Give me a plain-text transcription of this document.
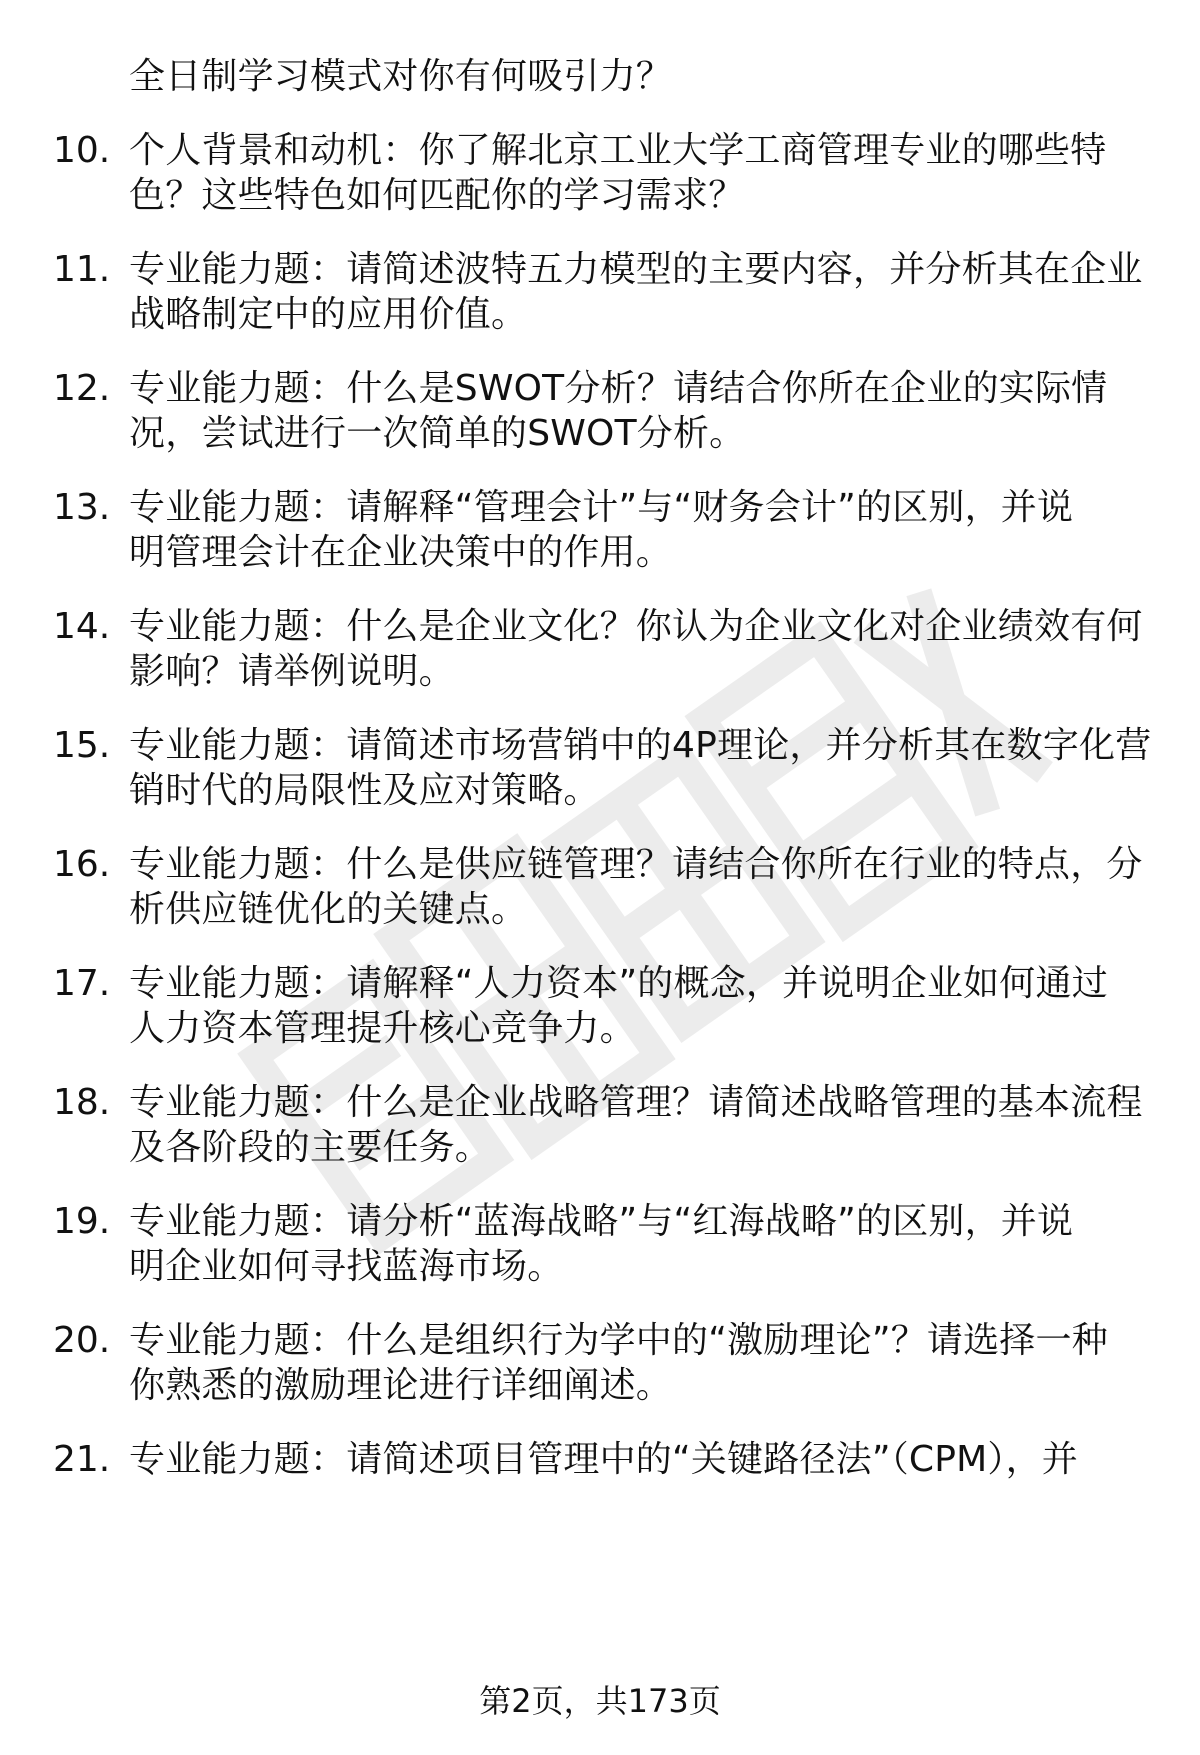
全日制学习模式对你有何吸引力？
10. 个人背景和动机：你了解北京工业大学工商管理专业的哪些特
色？这些特色如何匹配你的学习需求？
11. 专业能力题：请简述波特五力模型的主要内容，并分析其在企业
战略制定中的应用价值。
12. 专业能力题：什么是SWOT分析？请结合你所在企业的实际情
况，尝试进行一次简单的SWOT分析。
13. 专业能力题：请解释“管理会计”与“财务会计”的区别，并说
明管理会计在企业决策中的作用。
14. 专业能力题：什么是企业文化？你认为企业文化对企业绩效有何
影响？请举例说明。
15. 专业能力题：请简述市场营销中的4P理论，并分析其在数字化营
销时代的局限性及应对策略。
16. 专业能力题：什么是供应链管理？请结合你所在行业的特点，分
析供应链优化的关键点。
17. 专业能力题：请解释“人力资本”的概念，并说明企业如何通过
人力资本管理提升核心竞争力。
18. 专业能力题：什么是企业战略管理？请简述战略管理的基本流程
及各阶段的主要任务。
19. 专业能力题：请分析“蓝海战略”与“红海战略”的区别，并说
明企业如何寻找蓝海市场。
20. 专业能力题：什么是组织行为学中的“激励理论”？请选择一种
你熟悉的激励理论进行详细阐述。
21. 专业能力题：请简述项目管理中的“关键路径法”（CPM），并
第2页，共173页
